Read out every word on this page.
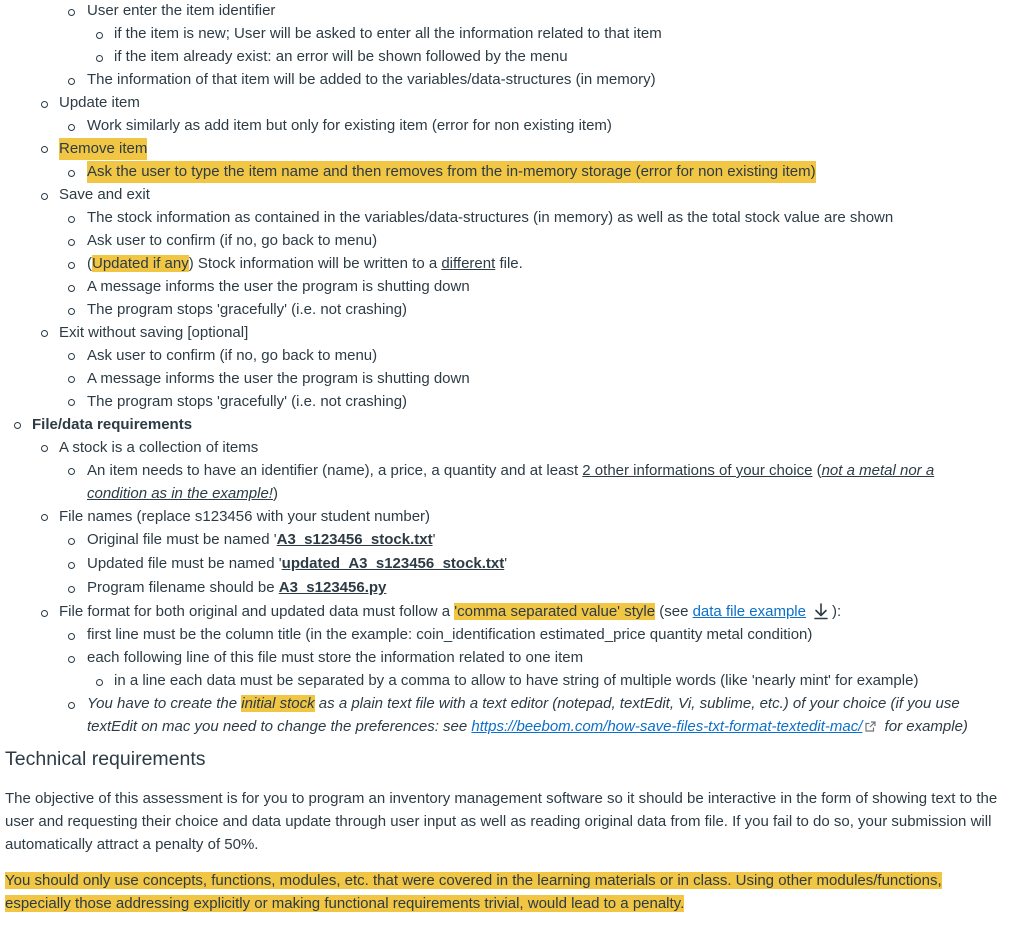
User enter the item identifier
if the item is new; User will be asked to enter all the information related to that item
if the item already exist: an error will be shown followed by the menu
The information of that item will be added to the variables/data-structures (in memory)
Update item
Work similarly as add item but only for existing item (error for non existing item)
Remove item
Ask the user to type the item name and then removes from the in-memory storage (error for non existing item)
Save and exit
The stock information as contained in the variables/data-structures (in memory) as well as the total stock value are shown
Ask user to confirm (if no, go back to menu)
(Updated if any) Stock information will be written to a different file.
A message informs the user the program is shutting down
The program stops 'gracefully' (i.e. not crashing)
Exit without saving [optional]
Ask user to confirm (if no, go back to menu)
A message informs the user the program is shutting down
The program stops 'gracefully' (i.e. not crashing)
File/data requirements
A stock is a collection of items
An item needs to have an identifier (name), a price, a quantity and at least 2 other informations of your choice (not a metal nor a
condition as in the example!)
File names (replace s123456 with your student number)
Original file must be named 'A3_s123456_stock.txt'
Updated file must be named 'updated_A3_s123456_stock.txt'
Program filename should be A3_s123456.py
File format for both original and updated data must follow a 'comma separated value' style (see data file example ):
first line must be the column title (in the example: coin_identification estimated_price quantity metal condition)
each following line of this file must store the information related to one item
in a line each data must be separated by a comma to allow to have string of multiple words (like 'nearly mint' for example)
You have to create the initial stock as a plain text file with a text editor (notepad, textEdit, Vi, sublime, etc.) of your choice (if you use
textEdit on mac you need to change the preferences: see https://beebom.com/how-save-files-txt-format-textedit-mac/ for example)
Technical requirements
The objective of this assessment is for you to program an inventory management software so it should be interactive in the form of showing text to the user and requesting their choice and data update through user input as well as reading original data from file. If you fail to do so, your submission will automatically attract a penalty of 50%.
You should only use concepts, functions, modules, etc. that were covered in the learning materials or in class. Using other modules/functions, especially those addressing explicitly or making functional requirements trivial, would lead to a penalty.
